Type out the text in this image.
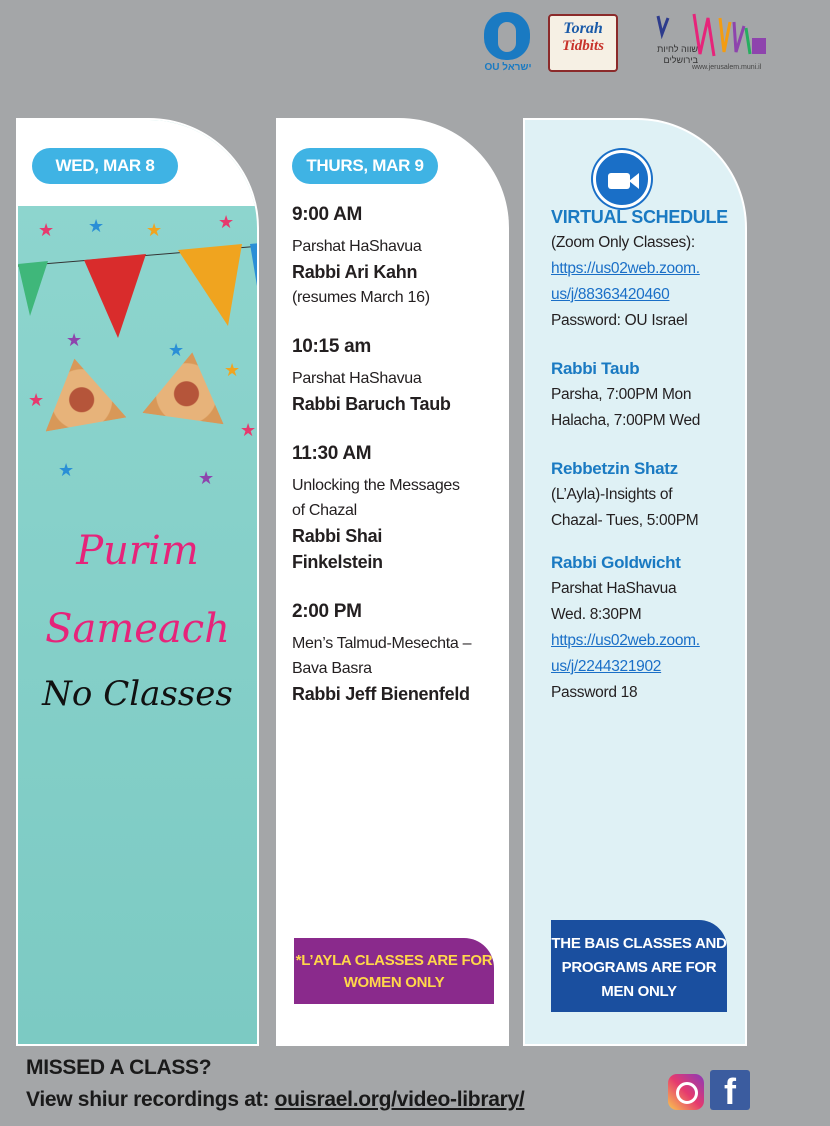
OU ישראל
Torah
Tidbits	שווה לחיות
בירושלים
www.jerusalem.muni.il
WED, MAR 8
★ ★ ★	★
★	★
★
★
★
★	★
Purim
Sameach
No Classes
THURS, MAR 9
9:00 AM
Parshat HaShavua
Rabbi Ari Kahn
(resumes March 16)
10:15 am
Parshat HaShavua
Rabbi Baruch Taub
11:30 AM
Unlocking the Messages
of Chazal
Rabbi Shai
Finkelstein
2:00 PM
Men’s Talmud-Mesechta –
Bava Basra
Rabbi Jeff Bienenfeld
*L’AYLA CLASSES ARE FOR WOMEN ONLY
VIRTUAL SCHEDULE
(Zoom Only Classes):
https://us02web.zoom.
us/j/88363420460
Password: OU Israel
Rabbi Taub
Parsha, 7:00PM Mon
Halacha, 7:00PM Wed
Rebbetzin Shatz
(L’Ayla)-Insights of
Chazal- Tues, 5:00PM
Rabbi Goldwicht
Parshat HaShavua
Wed. 8:30PM
https://us02web.zoom.
us/j/2244321902
Password 18
THE BAIS CLASSES AND PROGRAMS ARE FOR MEN ONLY
MISSED A CLASS?
View shiur recordings at: ouisrael.org/video-library/	f
